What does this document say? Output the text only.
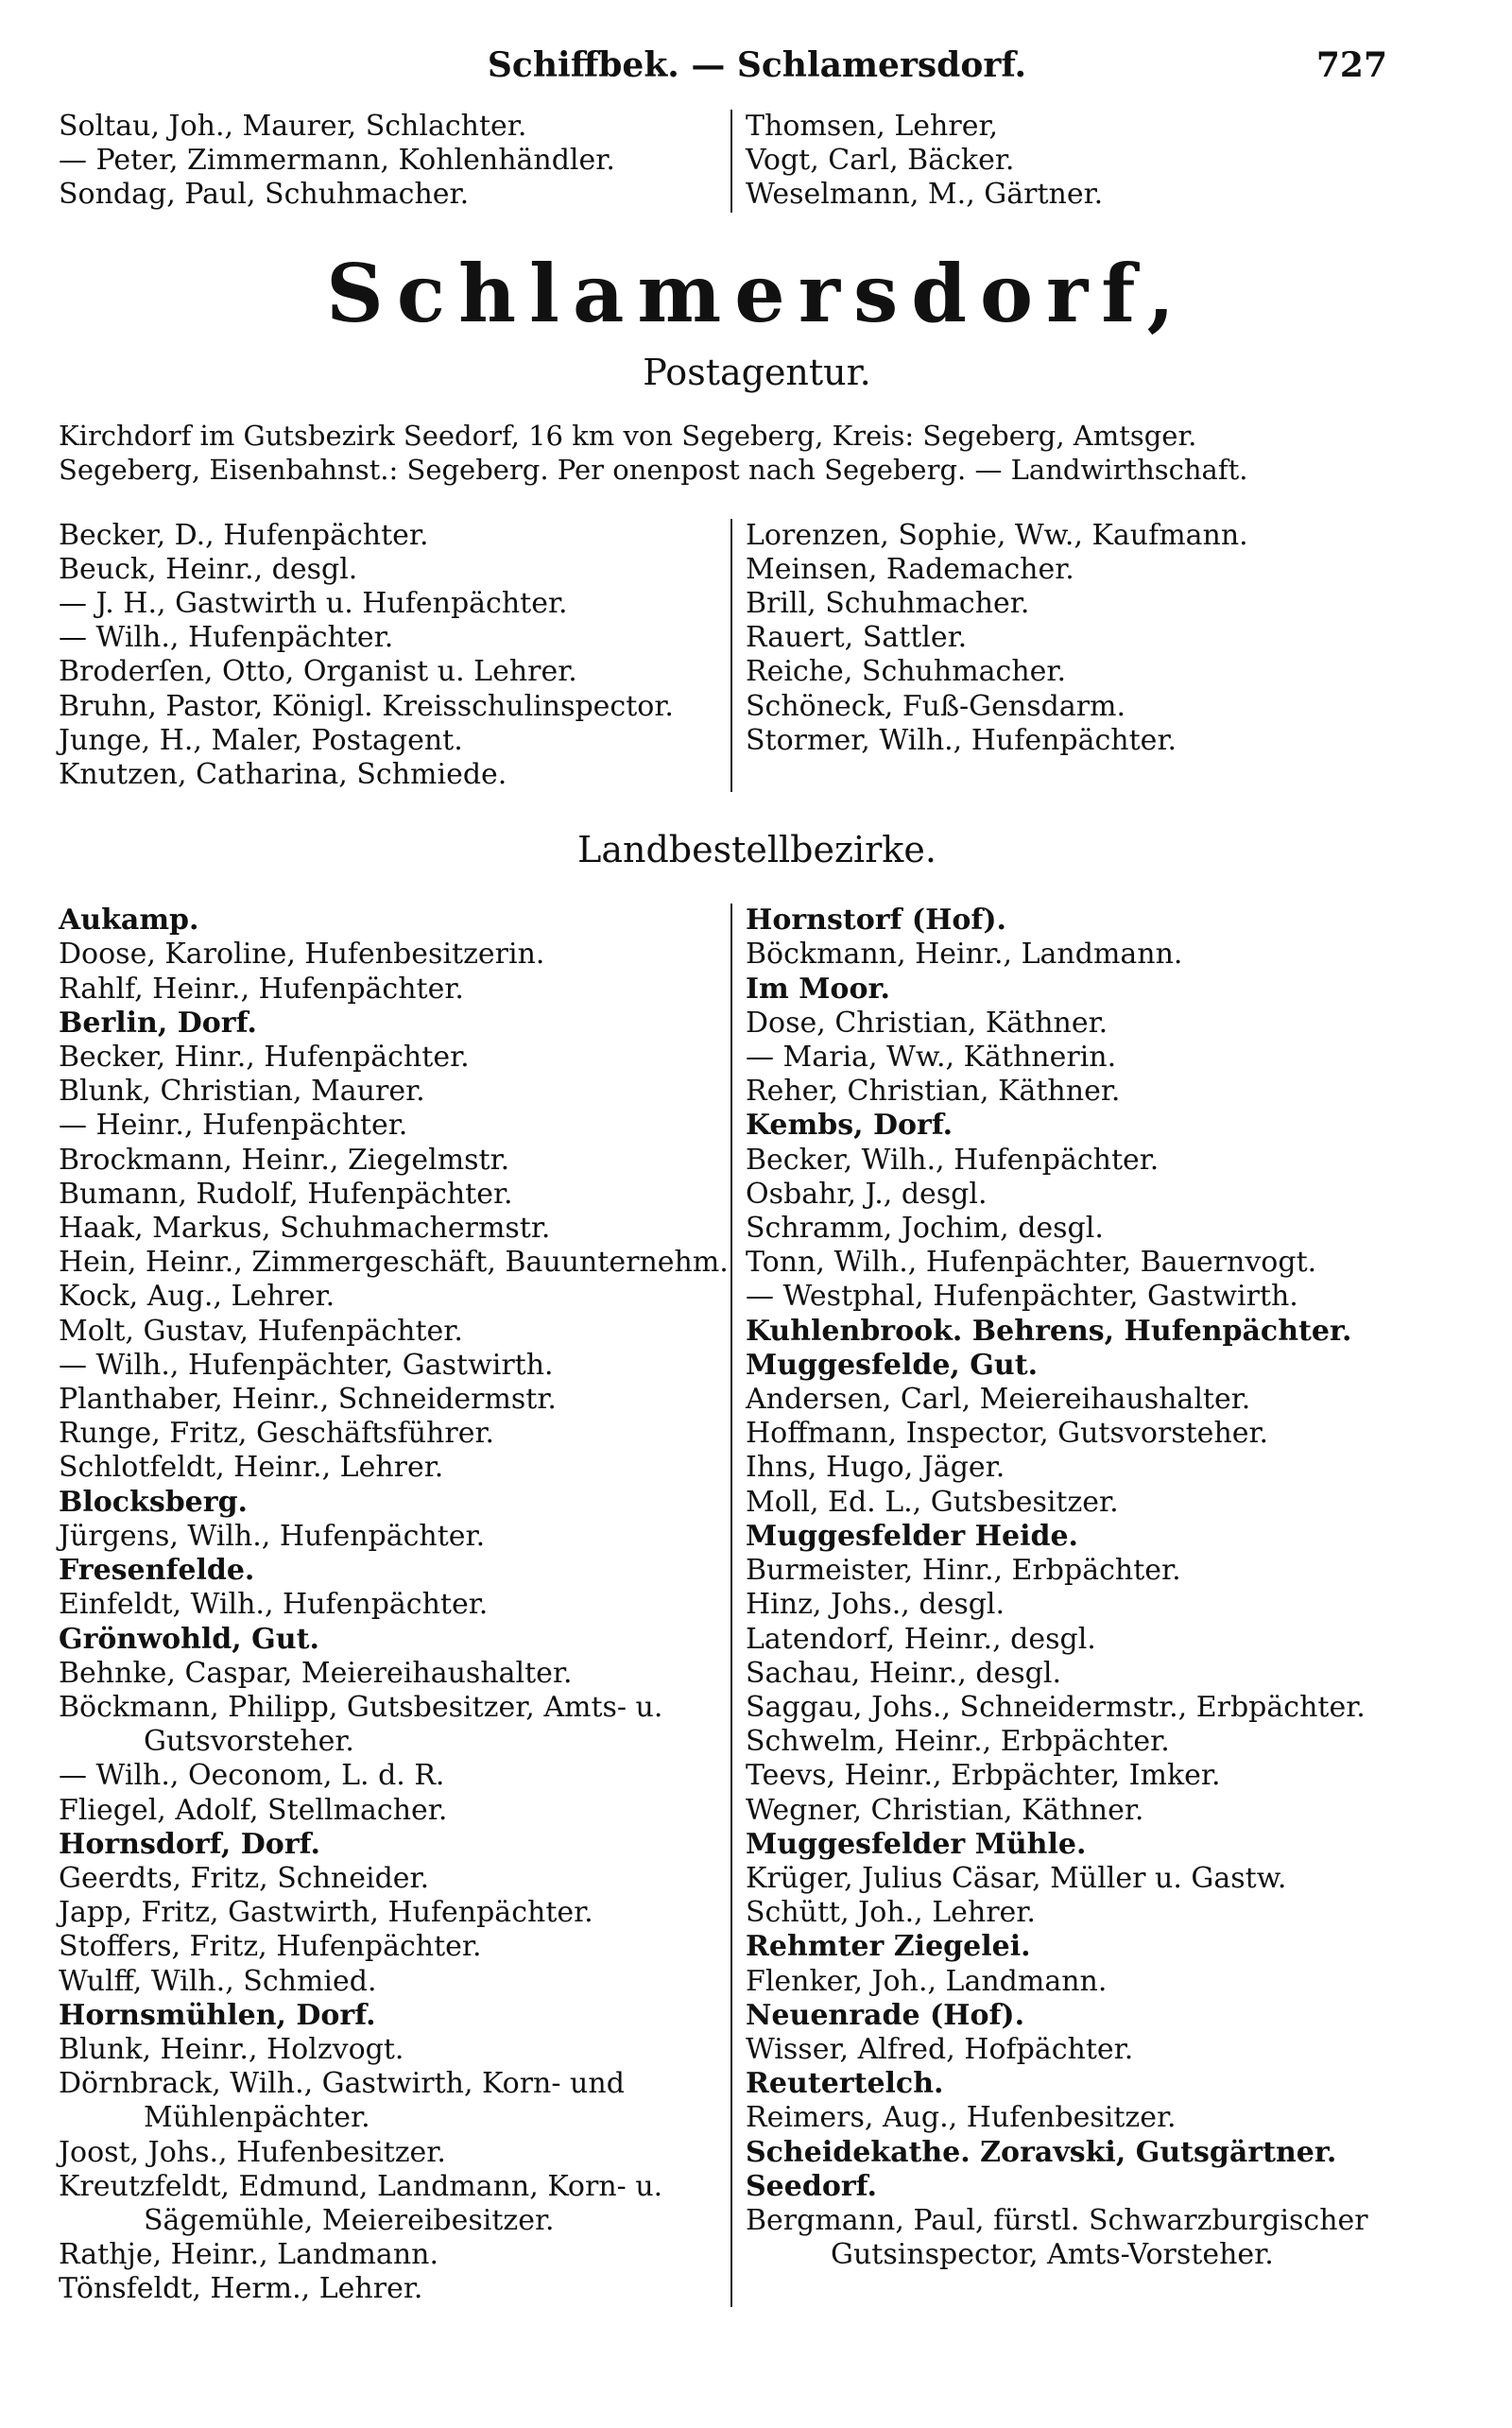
Schiffbek. — Schlamersdorf.	727
Soltau, Joh., Maurer, Schlachter.
— Peter, Zimmermann, Kohlenhändler.
Sondag, Paul, Schuhmacher.
Thomsen, Lehrer,
Vogt, Carl, Bäcker.
Weselmann, M., Gärtner.
Schlamersdorf,
Postagentur.
Kirchdorf im Gutsbezirk Seedorf, 16 km von Segeberg, Kreis: Segeberg, Amtsger.
Segeberg, Eisenbahnst.: Segeberg. Per onenpost nach Segeberg. — Landwirthschaft.
Becker, D., Hufenpächter.
Beuck, Heinr., desgl.
— J. H., Gastwirth u. Hufenpächter.
— Wilh., Hufenpächter.
Broderſen, Otto, Organist u. Lehrer.
Bruhn, Pastor, Königl. Kreisschulinspector.
Junge, H., Maler, Postagent.
Knutzen, Catharina, Schmiede.
Lorenzen, Sophie, Ww., Kaufmann.
Meinsen, Rademacher.
Brill, Schuhmacher.
Rauert, Sattler.
Reiche, Schuhmacher.
Schöneck, Fuß-Gensdarm.
Stormer, Wilh., Hufenpächter.
Landbestellbezirke.
Aukamp.
Doose, Karoline, Hufenbesitzerin.
Rahlf, Heinr., Hufenpächter.
Berlin, Dorf.
Becker, Hinr., Hufenpächter.
Blunk, Christian, Maurer.
— Heinr., Hufenpächter.
Brockmann, Heinr., Ziegelmstr.
Bumann, Rudolf, Hufenpächter.
Haak, Markus, Schuhmachermstr.
Hein, Heinr., Zimmergeschäft, Bauunternehm.
Kock, Aug., Lehrer.
Molt, Gustav, Hufenpächter.
— Wilh., Hufenpächter, Gastwirth.
Planthaber, Heinr., Schneidermstr.
Runge, Fritz, Geschäftsführer.
Schlotfeldt, Heinr., Lehrer.
Blocksberg.
Jürgens, Wilh., Hufenpächter.
Fresenfelde.
Einfeldt, Wilh., Hufenpächter.
Grönwohld, Gut.
Behnke, Caspar, Meiereihaushalter.
Böckmann, Philipp, Gutsbesitzer, Amts- u.
Gutsvorsteher.
— Wilh., Oeconom, L. d. R.
Fliegel, Adolf, Stellmacher.
Hornsdorf, Dorf.
Geerdts, Fritz, Schneider.
Japp, Fritz, Gastwirth, Hufenpächter.
Stoffers, Fritz, Hufenpächter.
Wulff, Wilh., Schmied.
Hornsmühlen, Dorf.
Blunk, Heinr., Holzvogt.
Dörnbrack, Wilh., Gastwirth, Korn- und
Mühlenpächter.
Joost, Johs., Hufenbesitzer.
Kreutzfeldt, Edmund, Landmann, Korn- u.
Sägemühle, Meiereibesitzer.
Rathje, Heinr., Landmann.
Tönsfeldt, Herm., Lehrer.
Hornstorf (Hof).
Böckmann, Heinr., Landmann.
Im Moor.
Dose, Christian, Käthner.
— Maria, Ww., Käthnerin.
Reher, Christian, Käthner.
Kembs, Dorf.
Becker, Wilh., Hufenpächter.
Osbahr, J., desgl.
Schramm, Jochim, desgl.
Tonn, Wilh., Hufenpächter, Bauernvogt.
— Westphal, Hufenpächter, Gastwirth.
Kuhlenbrook. Behrens, Hufenpächter.
Muggesfelde, Gut.
Andersen, Carl, Meiereihaushalter.
Hoffmann, Inspector, Gutsvorsteher.
Ihns, Hugo, Jäger.
Moll, Ed. L., Gutsbesitzer.
Muggesfelder Heide.
Burmeister, Hinr., Erbpächter.
Hinz, Johs., desgl.
Latendorf, Heinr., desgl.
Sachau, Heinr., desgl.
Saggau, Johs., Schneidermstr., Erbpächter.
Schwelm, Heinr., Erbpächter.
Teevs, Heinr., Erbpächter, Imker.
Wegner, Christian, Käthner.
Muggesfelder Mühle.
Krüger, Julius Cäsar, Müller u. Gastw.
Schütt, Joh., Lehrer.
Rehmter Ziegelei.
Flenker, Joh., Landmann.
Neuenrade (Hof).
Wisser, Alfred, Hofpächter.
Reutertelch.
Reimers, Aug., Hufenbesitzer.
Scheidekathe. Zoravski, Gutsgärtner.
Seedorf.
Bergmann, Paul, fürstl. Schwarzburgischer
Gutsinspector, Amts-Vorsteher.
